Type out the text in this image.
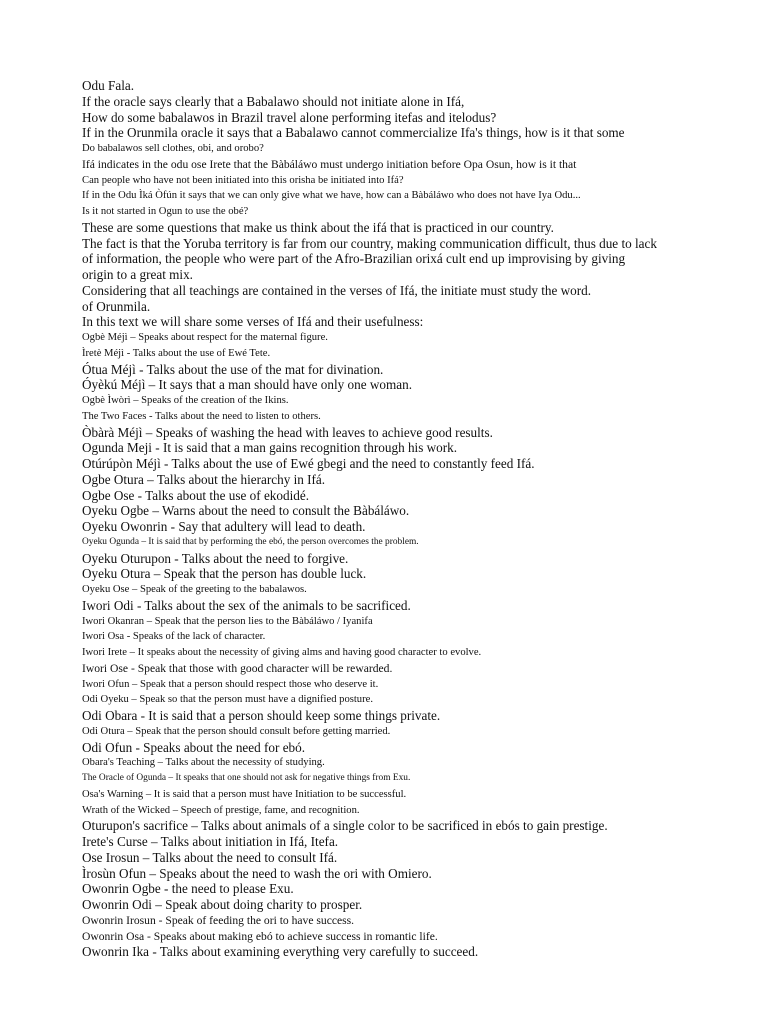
Odu Fala.
If the oracle says clearly that a Babalawo should not initiate alone in Ifá,
How do some babalawos in Brazil travel alone performing itefas and itelodus?
If in the Orunmila oracle it says that a Babalawo cannot commercialize Ifa's things, how is it that some
Do babalawos sell clothes, obi, and orobo?
Ifá indicates in the odu ose Irete that the Bàbáláwo must undergo initiation before Opa Osun, how is it that
Can people who have not been initiated into this orisha be initiated into Ifá?
If in the Odu Ìká Òfún it says that we can only give what we have, how can a Bàbáláwo who does not have Iya Odu...
Is it not started in Ogun to use the obé?
These are some questions that make us think about the ifá that is practiced in our country.
The fact is that the Yoruba territory is far from our country, making communication difficult, thus due to lack
of information, the people who were part of the Afro-Brazilian orixá cult end up improvising by giving
origin to a great mix.
Considering that all teachings are contained in the verses of Ifá, the initiate must study the word.
of Orunmila.
In this text we will share some verses of Ifá and their usefulness:
Ogbè Méjì – Speaks about respect for the maternal figure.
Ìretè Méjì - Talks about the use of Ewé Tete.
Ótua Méjì - Talks about the use of the mat for divination.
Óyèkú Méjì – It says that a man should have only one woman.
Ogbè Ìwòrì – Speaks of the creation of the Ikins.
The Two Faces - Talks about the need to listen to others.
Òbàrà Méjì – Speaks of washing the head with leaves to achieve good results.
Ogunda Meji - It is said that a man gains recognition through his work.
Otúrúpòn Méjì - Talks about the use of Ewé gbegi and the need to constantly feed Ifá.
Ogbe Otura – Talks about the hierarchy in Ifá.
Ogbe Ose - Talks about the use of ekodidé.
Oyeku Ogbe – Warns about the need to consult the Bàbáláwo.
Oyeku Owonrin - Say that adultery will lead to death.
Oyeku Ogunda – It is said that by performing the ebó, the person overcomes the problem.
Oyeku Oturupon - Talks about the need to forgive.
Oyeku Otura – Speak that the person has double luck.
Oyeku Ose – Speak of the greeting to the babalawos.
Iwori Odi - Talks about the sex of the animals to be sacrificed.
Iwori Okanran – Speak that the person lies to the Bàbáláwo / Iyanifa
Iwori Osa - Speaks of the lack of character.
Iwori Irete – It speaks about the necessity of giving alms and having good character to evolve.
Iwori Ose - Speak that those with good character will be rewarded.
Iwori Ofun – Speak that a person should respect those who deserve it.
Odi Oyeku – Speak so that the person must have a dignified posture.
Odi Obara - It is said that a person should keep some things private.
Odi Otura – Speak that the person should consult before getting married.
Odi Ofun - Speaks about the need for ebó.
Obara's Teaching – Talks about the necessity of studying.
The Oracle of Ogunda – It speaks that one should not ask for negative things from Exu.
Osa's Warning – It is said that a person must have Initiation to be successful.
Wrath of the Wicked – Speech of prestige, fame, and recognition.
Oturupon's sacrifice – Talks about animals of a single color to be sacrificed in ebós to gain prestige.
Irete's Curse – Talks about initiation in Ifá, Itefa.
Ose Irosun – Talks about the need to consult Ifá.
Ìrosùn Ofun – Speaks about the need to wash the ori with Omiero.
Owonrin Ogbe - the need to please Exu.
Owonrin Odi – Speak about doing charity to prosper.
Owonrin Irosun - Speak of feeding the ori to have success.
Owonrin Osa - Speaks about making ebó to achieve success in romantic life.
Owonrin Ika - Talks about examining everything very carefully to succeed.
